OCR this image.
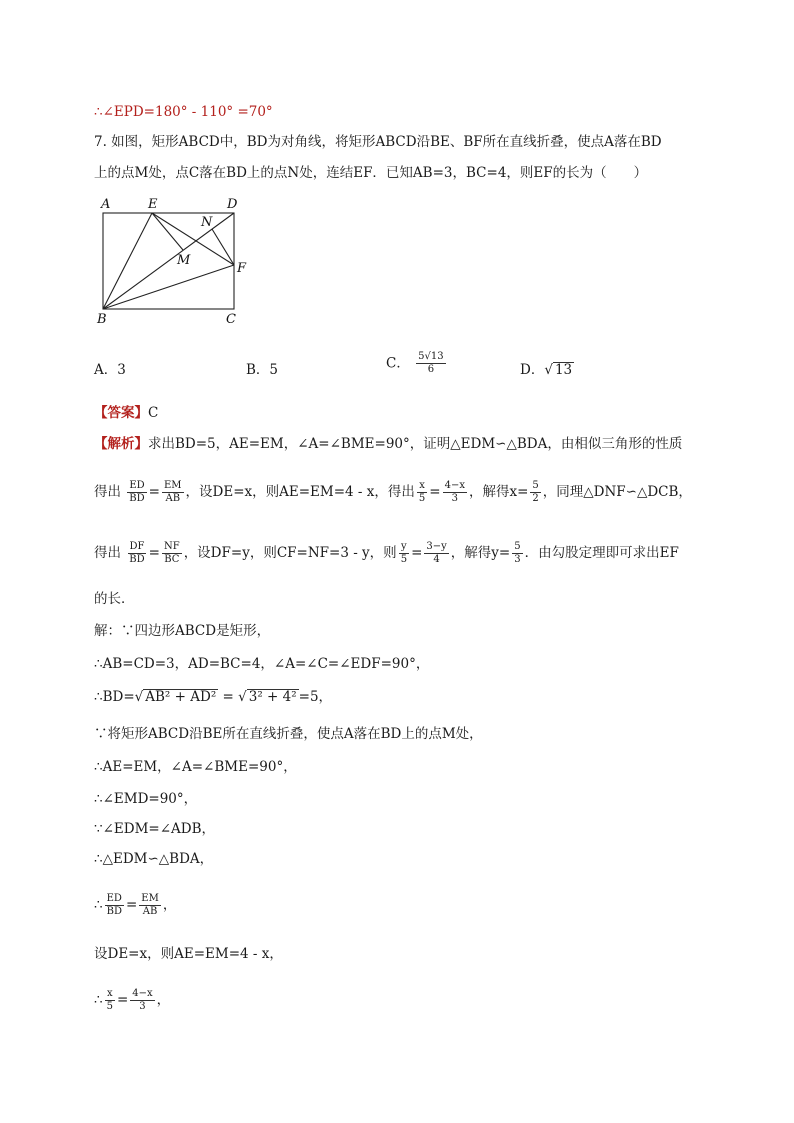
∴∠EPD=180° - 110° =70°
7. 如图，矩形ABCD中，BD为对角线，将矩形ABCD沿BE、BF所在直线折叠，使点A落在BD
上的点M处，点C落在BD上的点N处，连结EF．已知AB=3，BC=4，则EF的长为（　　）
A	E	D
N
M
F
B	C
A．3	B．5	C． $\frac{5√13}{6}$	D．√ 13
【答案】C
【解析】求出BD=5，AE=EM，∠A=∠BME=90°，证明△EDM∽△BDA，由相似三角形的性质
得出 $\frac{ED}{BD} = \frac{EM}{AB}$ ，设DE=x，则AE=EM=4 - x，得出 $\frac{x}{5} = \frac{4-x}{3}$ ，解得$x= \frac{5}{2}$ ，同理△DNF∽△DCB，
得出 $\frac{DF}{BD} = \frac{NF}{BC}$ ，设DF=y，则CF=NF=3 - y，则 $\frac{y}{5} = \frac{3-y}{4}$ ，解得$y= \frac{5}{3}$ ．由勾股定理即可求出EF
的长．
解：∵四边形ABCD是矩形，
∴AB=CD=3，AD=BC=4，∠A=∠C=∠EDF=90°，
∴BD=√ AB² + AD² = √ 3² + 4² =5，
∵将矩形ABCD沿BE所在直线折叠，使点A落在BD上的点M处，
∴AE=EM，∠A=∠BME=90°，
∴∠EMD=90°，
∵∠EDM=∠ADB，
∴△EDM∽△BDA，
∴ $\frac{ED}{BD} = \frac{EM}{AB}$ ，
设DE=x，则AE=EM=4 - x，
∴ $\frac{x}{5} = \frac{4-x}{3}$ ，
